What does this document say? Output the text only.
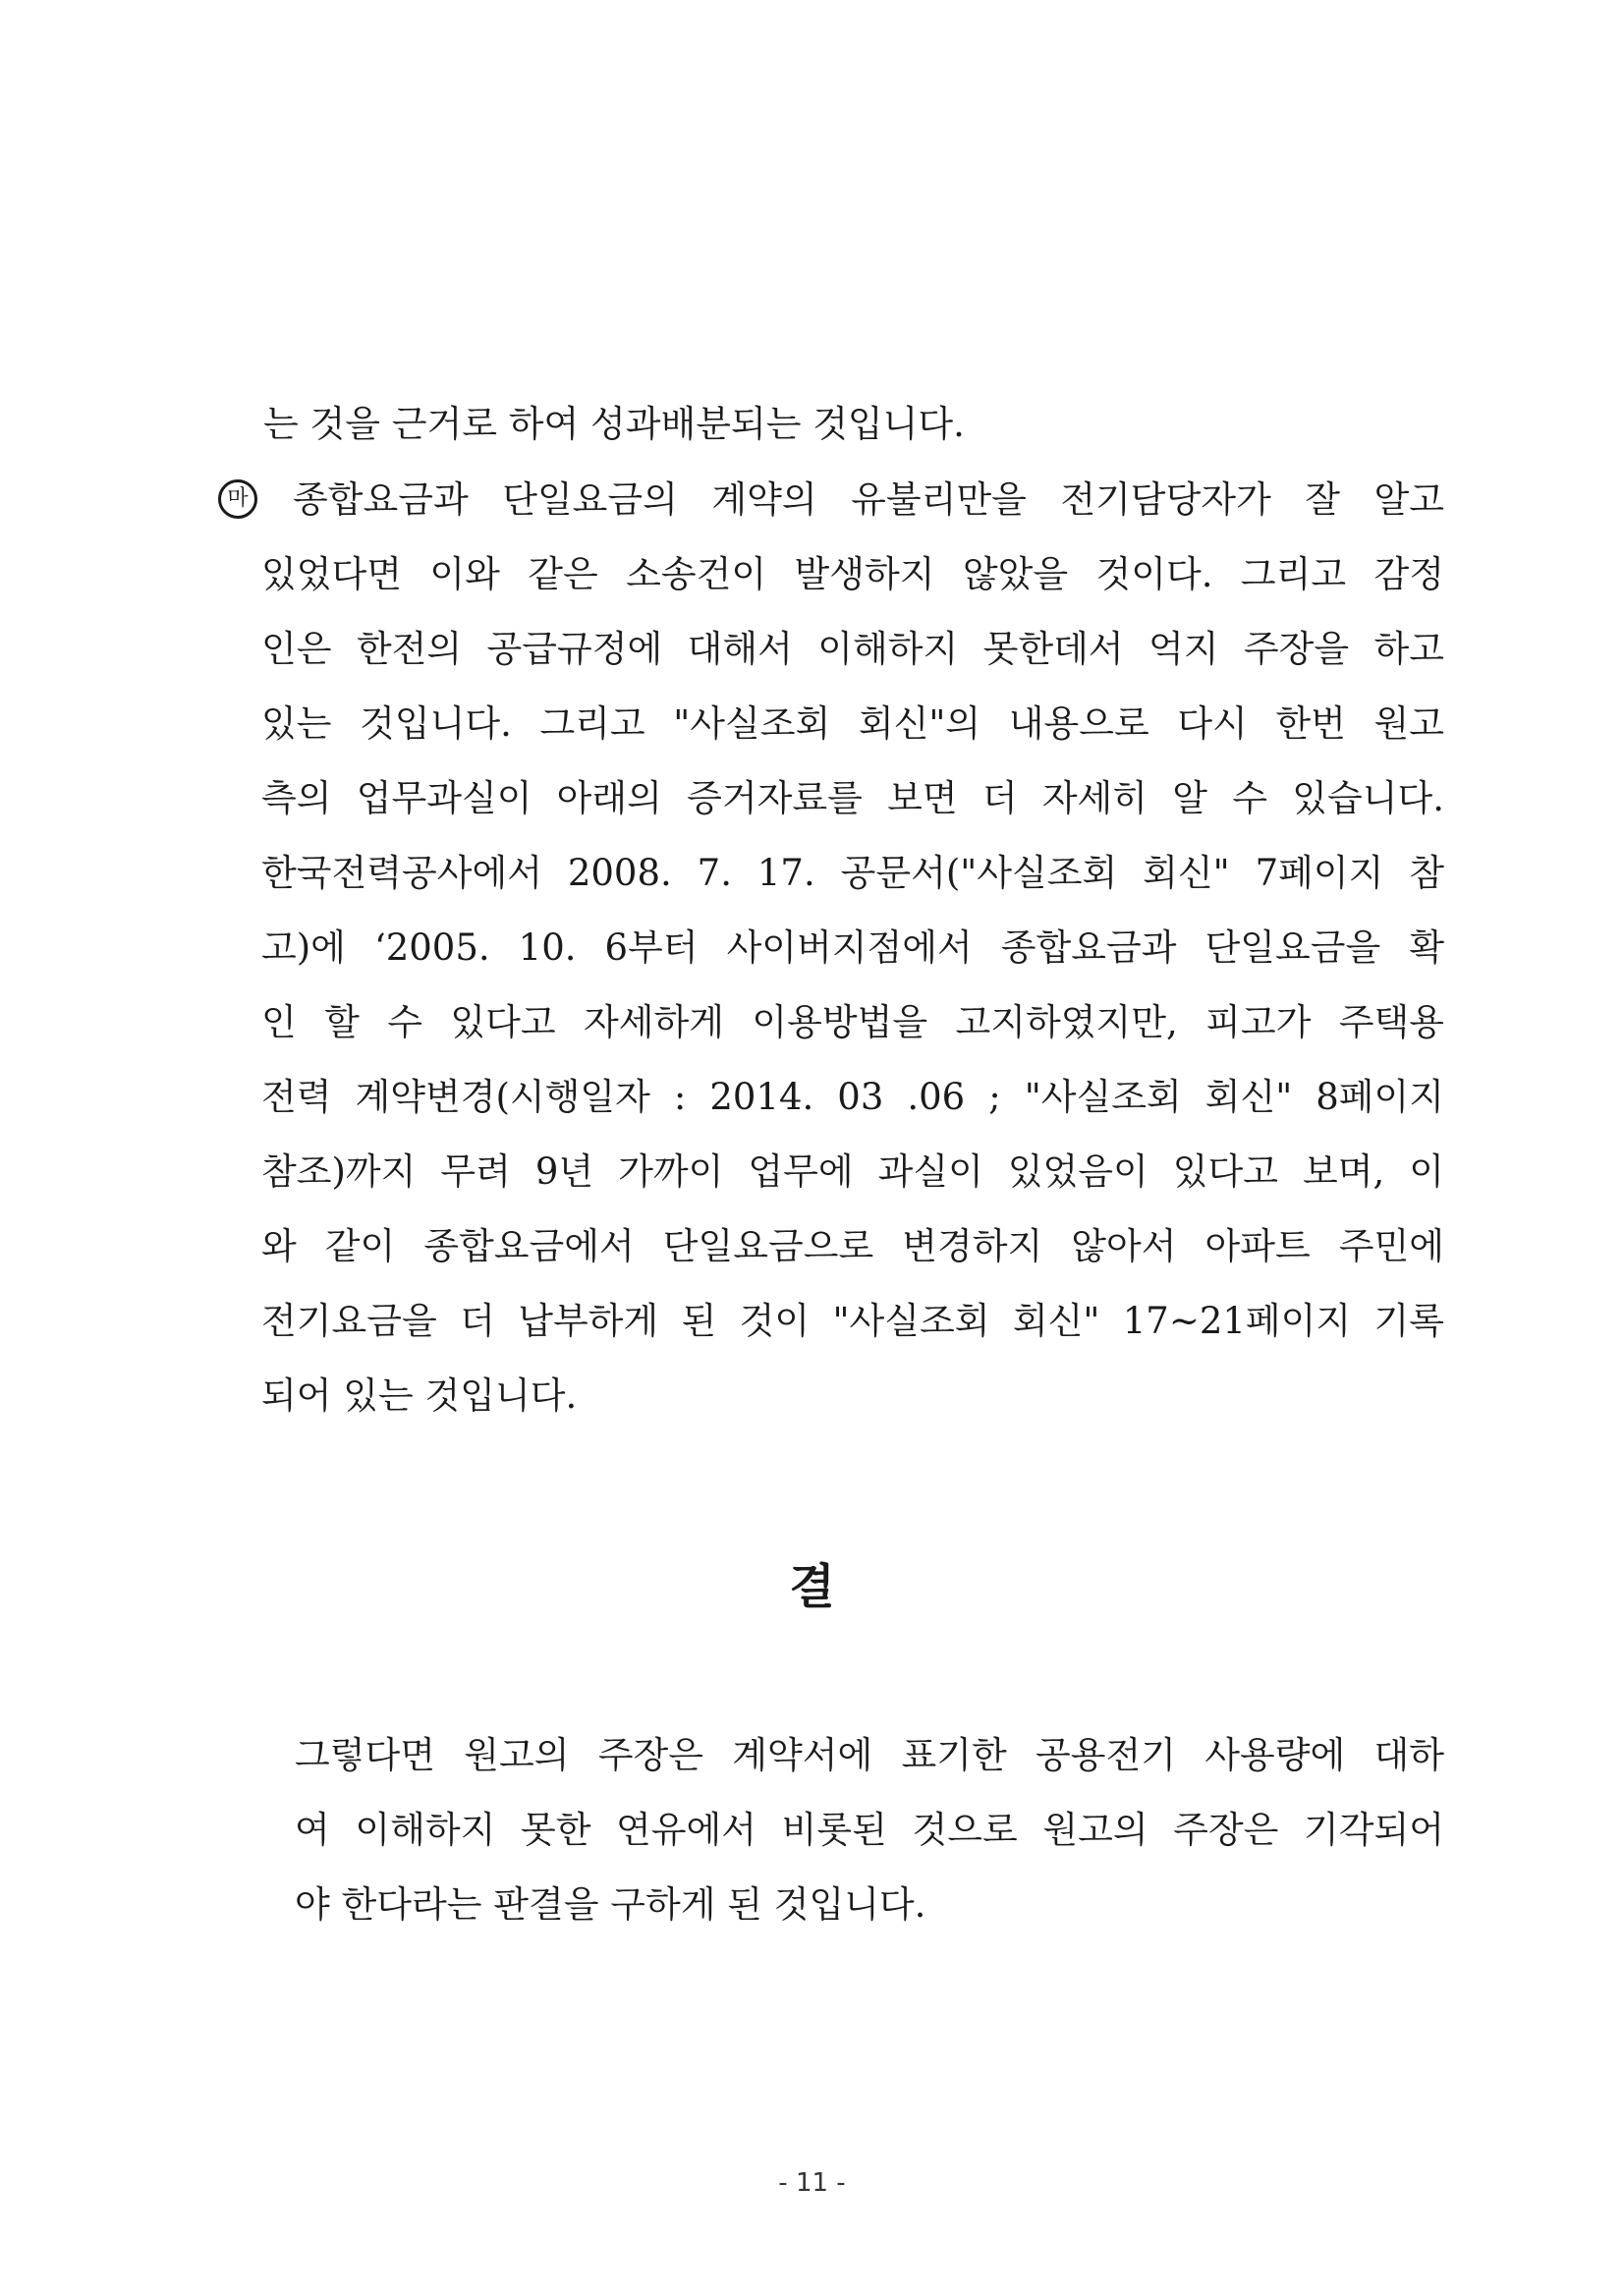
는 것을 근거로 하여 성과배분되는 것입니다.
마 종합요금과 단일요금의 계약의 유불리만을 전기담당자가 잘 알고
있었다면 이와 같은 소송건이 발생하지 않았을 것이다. 그리고 감정
인은 한전의 공급규정에 대해서 이해하지 못한데서 억지 주장을 하고
있는 것입니다. 그리고 "사실조회 회신"의 내용으로 다시 한번 원고
측의 업무과실이 아래의 증거자료를 보면 더 자세히 알 수 있습니다.
한국전력공사에서 2008. 7. 17. 공문서("사실조회 회신" 7페이지 참
고)에 ‘2005. 10. 6부터 사이버지점에서 종합요금과 단일요금을 확
인 할 수 있다고 자세하게 이용방법을 고지하였지만, 피고가 주택용
전력 계약변경(시행일자 : 2014. 03 .06 ; "사실조회 회신" 8페이지
참조)까지 무려 9년 가까이 업무에 과실이 있었음이 있다고 보며, 이
와 같이 종합요금에서 단일요금으로 변경하지 않아서 아파트 주민에
전기요금을 더 납부하게 된 것이 "사실조회 회신" 17~21페이지 기록
되어 있는 것입니다.
결
그렇다면 원고의 주장은 계약서에 표기한 공용전기 사용량에 대하
여 이해하지 못한 연유에서 비롯된 것으로 원고의 주장은 기각되어
야 한다라는 판결을 구하게 된 것입니다.
- 11 -
